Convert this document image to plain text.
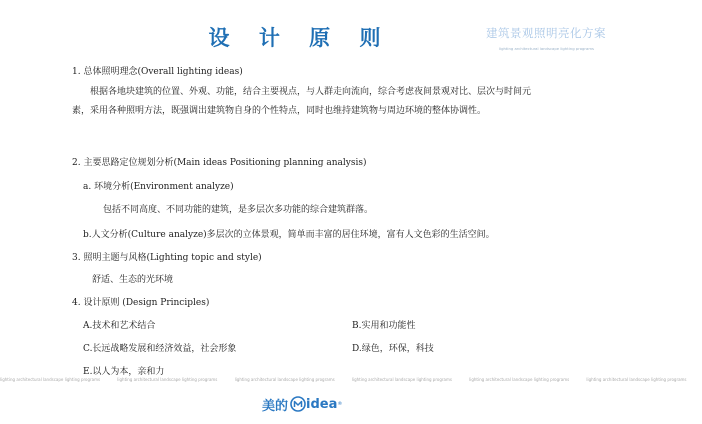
设 计 原 则	建筑景观照明亮化方案
lighting architectural landscape lighting programs

1. 总体照明理念(Overall lighting ideas)

根据各地块建筑的位置、外观、功能，结合主要视点，与人群走向流向，综合考虑夜间景观对比、层次与时间元素，采用各种照明方法，既强调出建筑物自身的个性特点，同时也维持建筑物与周边环境的整体协调性。

2. 主要思路定位规划分析(Main ideas Positioning planning analysis)

a. 环境分析(Environment analyze)

包括不同高度、不同功能的建筑，是多层次多功能的综合建筑群落。

b.人文分析(Culture analyze)多层次的立体景观，简单而丰富的居住环境，富有人文色彩的生活空间。

3. 照明主题与风格(Lighting topic and style)

舒适、生态的光环境

4. 设计原则 (Design Principles)

A.技术和艺术结合	B.实用和功能性

C.长远战略发展和经济效益，社会形象	D.绿色，环保，科技

E.以人为本，亲和力

lighting architectural landscape lighting programs	lighting architectural landscape lighting programs	lighting architectural landscape lighting programs	lighting architectural landscape lighting programs	lighting architectural landscape lighting programs	lighting architectural landscape lighting programs
美的 idea ®
